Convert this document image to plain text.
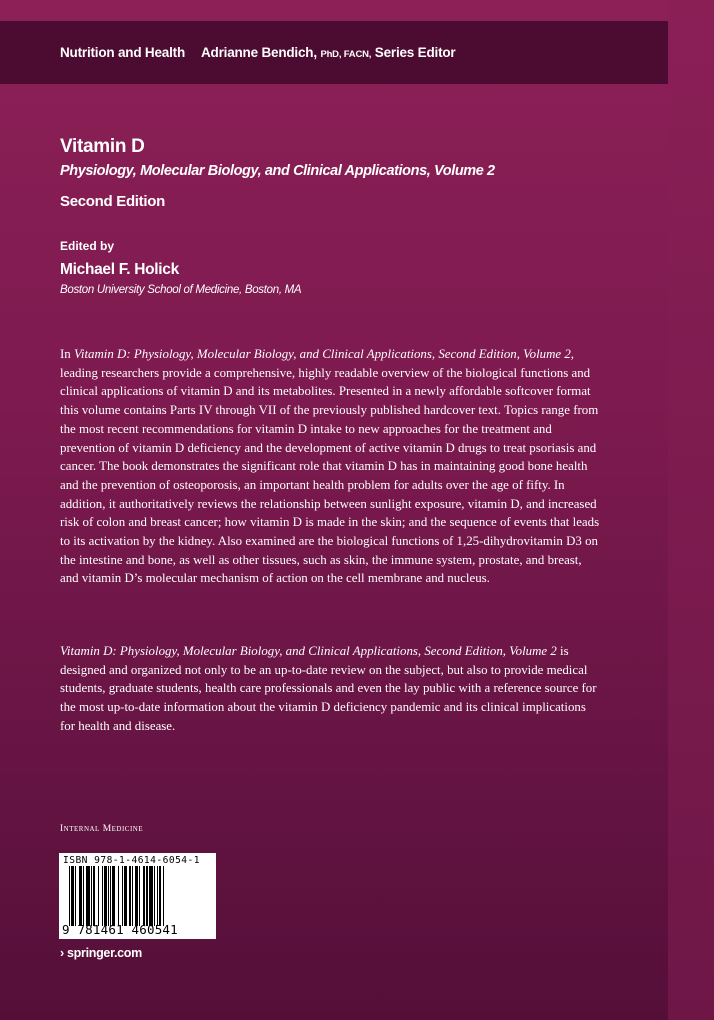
Nutrition and Health Adrianne Bendich, PhD, FACN, Series Editor
Vitamin D
Physiology, Molecular Biology, and Clinical Applications, Volume 2
Second Edition
Edited by
Michael F. Holick
Boston University School of Medicine, Boston, MA

In Vitamin D: Physiology, Molecular Biology, and Clinical Applications, Second Edition, Volume 2, leading researchers provide a comprehensive, highly readable overview of the biological functions and clinical applications of vitamin D and its metabolites. Presented in a newly affordable softcover format this volume contains Parts IV through VII of the previously published hardcover text. Topics range from the most recent recommendations for vitamin D intake to new approaches for the treatment and prevention of vitamin D deficiency and the development of active vitamin D drugs to treat psoriasis and cancer. The book demonstrates the significant role that vitamin D has in maintaining good bone health and the prevention of osteoporosis, an important health problem for adults over the age of fifty. In addition, it authoritatively reviews the relationship between sunlight exposure, vitamin D, and increased risk of colon and breast cancer; how vitamin D is made in the skin; and the sequence of events that leads to its activation by the kidney. Also examined are the biological functions of 1,25-dihydrovitamin D3 on the intestine and bone, as well as other tissues, such as skin, the immune system, prostate, and breast, and vitamin D’s molecular mechanism of action on the cell membrane and nucleus.

Vitamin D: Physiology, Molecular Biology, and Clinical Applications, Second Edition, Volume 2 is designed and organized not only to be an up-to-date review on the subject, but also to provide medical students, graduate students, health care professionals and even the lay public with a reference source for the most up-to-date information about the vitamin D deficiency pandemic and its clinical implications for health and disease.

Internal Medicine
ISBN 978-1-4614-6054-1
9 781461 460541
› springer.com
